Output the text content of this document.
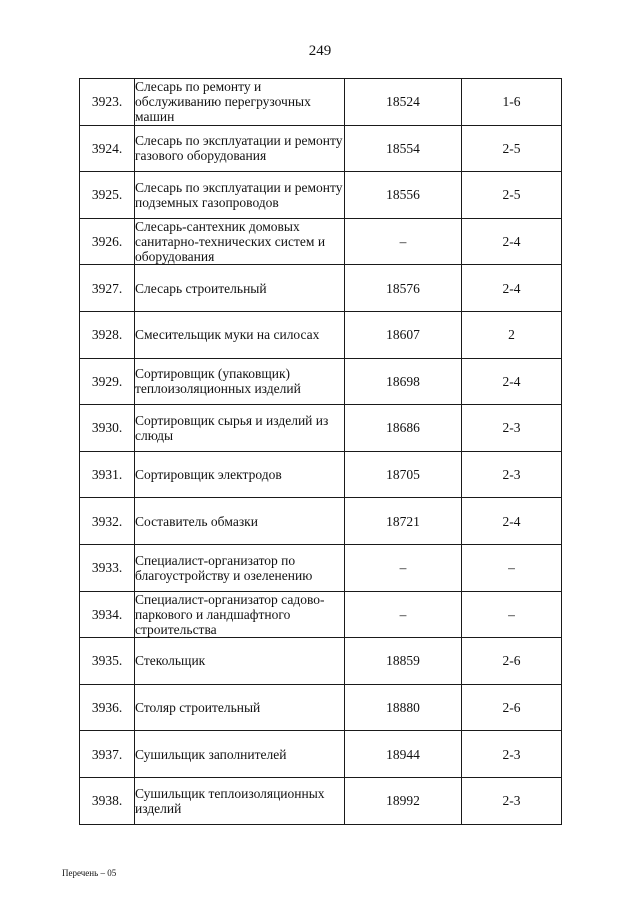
249
3923.	Слесарь по ремонту и обслуживанию перегрузочных машин	18524	1-6
3924.	Слесарь по эксплуатации и ремонту газового оборудования	18554	2-5
3925.	Слесарь по эксплуатации и ремонту подземных газопроводов	18556	2-5
3926.	Слесарь-сантехник домовых санитарно-технических систем и оборудования	–	2-4
3927.	Слесарь строительный	18576	2-4
3928.	Смесительщик муки на силосах	18607	2
3929.	Сортировщик (упаковщик) теплоизоляционных изделий	18698	2-4
3930.	Сортировщик сырья и изделий из слюды	18686	2-3
3931.	Сортировщик электродов	18705	2-3
3932.	Составитель обмазки	18721	2-4
3933.	Специалист-организатор по благоустройству и озеленению	–	–
3934.	Специалист-организатор садово-паркового и ландшафтного строительства	–	–
3935.	Стекольщик	18859	2-6
3936.	Столяр строительный	18880	2-6
3937.	Сушильщик заполнителей	18944	2-3
3938.	Сушильщик теплоизоляционных изделий	18992	2-3
Перечень – 05
